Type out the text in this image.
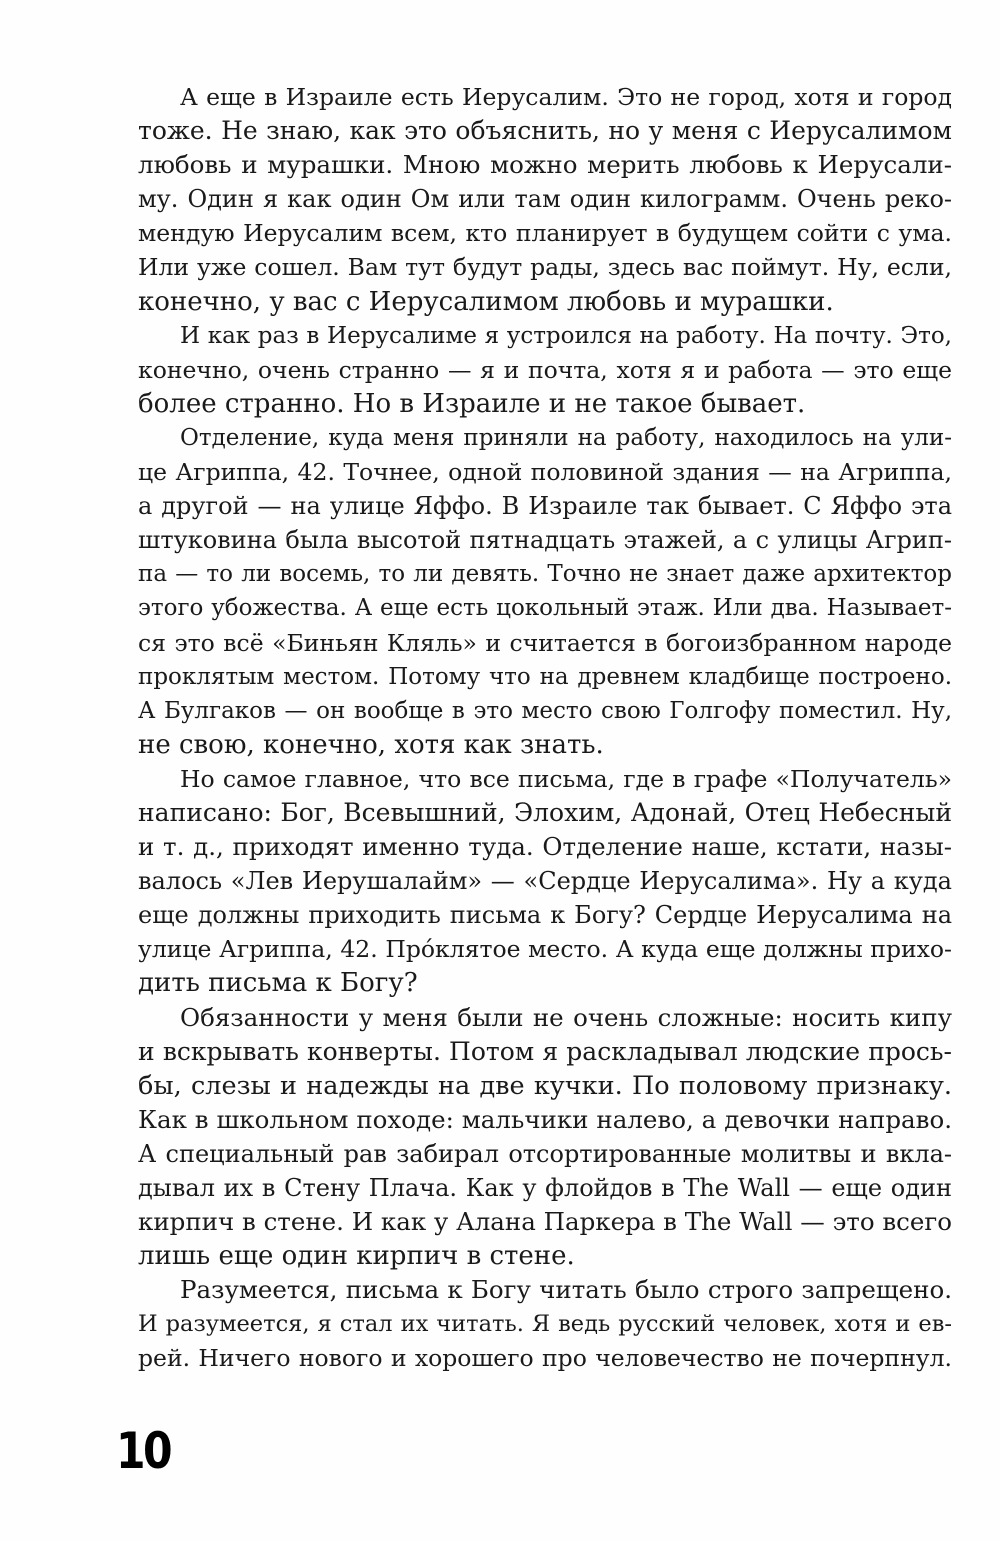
А еще в Израиле есть Иерусалим. Это не город, хотя и город
тоже. Не знаю, как это объяснить, но у меня с Иерусалимом
любовь и мурашки. Мною можно мерить любовь к Иерусали-
му. Один я как один Ом или там один килограмм. Очень реко-
мендую Иерусалим всем, кто планирует в будущем сойти с ума.
Или уже сошел. Вам тут будут рады, здесь вас поймут. Ну, если,
конечно, у вас с Иерусалимом любовь и мурашки.
И как раз в Иерусалиме я устроился на работу. На почту. Это,
конечно, очень странно — я и почта, хотя я и работа — это еще
более странно. Но в Израиле и не такое бывает.
Отделение, куда меня приняли на работу, находилось на ули-
це Агриппа, 42. Точнее, одной половиной здания — на Агриппа,
а другой — на улице Яффо. В Израиле так бывает. С Яффо эта
штуковина была высотой пятнадцать этажей, а с улицы Агрип-
па — то ли восемь, то ли девять. Точно не знает даже архитектор
этого убожества. А еще есть цокольный этаж. Или два. Называет-
ся это всё «Биньян Кляль» и считается в богоизбранном народе
проклятым местом. Потому что на древнем кладбище построено.
А Булгаков — он вообще в это место свою Голгофу поместил. Ну,
не свою, конечно, хотя как знать.
Но самое главное, что все письма, где в графе «Получатель»
написано: Бог, Всевышний, Элохим, Адонай, Отец Небесный
и т. д., приходят именно туда. Отделение наше, кстати, назы-
валось «Лев Иерушалайм» — «Сердце Иерусалима». Ну а куда
еще должны приходить письма к Богу? Сердце Иерусалима на
улице Агриппа, 42. Прóклятое место. А куда еще должны прихо-
дить письма к Богу?
Обязанности у меня были не очень сложные: носить кипу
и вскрывать конверты. Потом я раскладывал людские прось-
бы, слезы и надежды на две кучки. По половому признаку.
Как в школьном походе: мальчики налево, а девочки направо.
А специальный рав забирал отсортированные молитвы и вкла-
дывал их в Стену Плача. Как у флойдов в The Wall — еще один
кирпич в стене. И как у Алана Паркера в The Wall — это всего
лишь еще один кирпич в стене.
Разумеется, письма к Богу читать было строго запрещено.
И разумеется, я стал их читать. Я ведь русский человек, хотя и ев-
рей. Ничего нового и хорошего про человечество не почерпнул.
10
